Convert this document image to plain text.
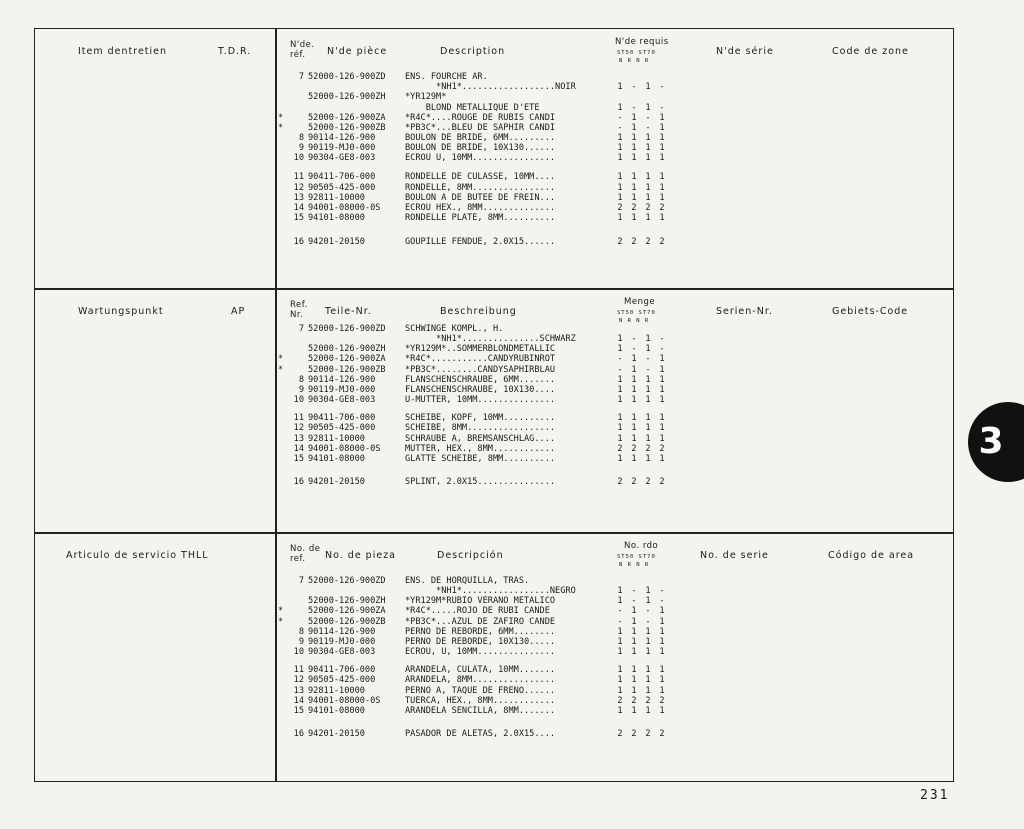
Item dentretien	T.D.R.
N'de.
réf. N'de pièce	Description
N'de requis
ST50 ST70
N R N R
N'de série	Code de zone
7 52000-126-900ZD ENS. FOURCHE AR.
*NH1*..................NOIR	1 - 1 -
52000-126-900ZH *YR129M*
BLOND METALLIQUE D'ETE	1 - 1 -
*	52000-126-900ZA *R4C*....ROUGE DE RUBIS CANDI	- 1 - 1
*	52000-126-900ZB *PB3C*...BLEU DE SAPHIR CANDI	- 1 - 1
8 90114-126-900	BOULON DE BRIDE, 6MM.........	1 1 1 1
9 90119-MJ0-000	BOULON DE BRIDE, 10X130......	1 1 1 1
10 90304-GE8-003	ECROU U, 10MM................	1 1 1 1
11 90411-706-000	RONDELLE DE CULASSE, 10MM....	1 1 1 1
12 90505-425-000	RONDELLE, 8MM................	1 1 1 1
13 92811-10000	BOULON A DE BUTEE DE FREIN...	1 1 1 1
14 94001-08000-0S	ECROU HEX., 8MM..............	2 2 2 2
15 94101-08000	RONDELLE PLATE, 8MM..........	1 1 1 1
16 94201-20150	GOUPILLE FENDUE, 2.0X15......	2 2 2 2
Wartungspunkt	AP
Ref.
Nr. Teile-Nr.	Beschreibung
Menge
ST50 ST70
N R N R
Serien-Nr.	Gebiets-Code
7 52000-126-900ZD SCHWINGE KOMPL., H.
*NH1*...............SCHWARZ	1 - 1 -
52000-126-900ZH *YR129M*..SOMMERBLONDMETALLIC	1 - 1 -
*	52000-126-900ZA *R4C*...........CANDYRUBINROT	- 1 - 1
*	52000-126-900ZB *PB3C*........CANDYSAPHIRBLAU	- 1 - 1
8 90114-126-900	FLANSCHENSCHRAUBE, 6MM.......	1 1 1 1
9 90119-MJ0-000	FLANSCHENSCHRAUBE, 10X130....	1 1 1 1
10 90304-GE8-003	U-MUTTER, 10MM...............	1 1 1 1
11 90411-706-000	SCHEIBE, KOPF, 10MM..........	1 1 1 1
12 90505-425-000	SCHEIBE, 8MM.................	1 1 1 1
13 92811-10000	SCHRAUBE A, BREMSANSCHLAG....	1 1 1 1
14 94001-08000-0S	MUTTER, HEX., 8MM............	2 2 2 2
15 94101-08000	GLATTE SCHEIBE, 8MM..........	1 1 1 1
16 94201-20150	SPLINT, 2.0X15...............	2 2 2 2
Articulo de servicio THLL
No. de
ref. No. de pieza	Descripción
No. rdo
ST50 ST70
N R N R
No. de serie	Código de area
7 52000-126-900ZD ENS. DE HORQUILLA, TRAS.
*NH1*.................NEGRO	1 - 1 -
52000-126-900ZH *YR129M*RUBIO VERANO METALICO	1 - 1 -
*	52000-126-900ZA *R4C*.....ROJO DE RUBI CANDE	- 1 - 1
*	52000-126-900ZB *PB3C*...AZUL DE ZAFIRO CANDE	- 1 - 1
8 90114-126-900	PERNO DE REBORDE, 6MM........	1 1 1 1
9 90119-MJ0-000	PERNO DE REBORDE, 10X130.....	1 1 1 1
10 90304-GE8-003	ECROU, U, 10MM...............	1 1 1 1
11 90411-706-000	ARANDELA, CULATA, 10MM.......	1 1 1 1
12 90505-425-000	ARANDELA, 8MM................	1 1 1 1
13 92811-10000	PERNO A, TAQUE DE FRENO......	1 1 1 1
14 94001-08000-0S	TUERCA, HEX., 8MM............	2 2 2 2
15 94101-08000	ARANDELA SENCILLA, 8MM.......	1 1 1 1
16 94201-20150	PASADOR DE ALETAS, 2.0X15....	2 2 2 2
3
231
